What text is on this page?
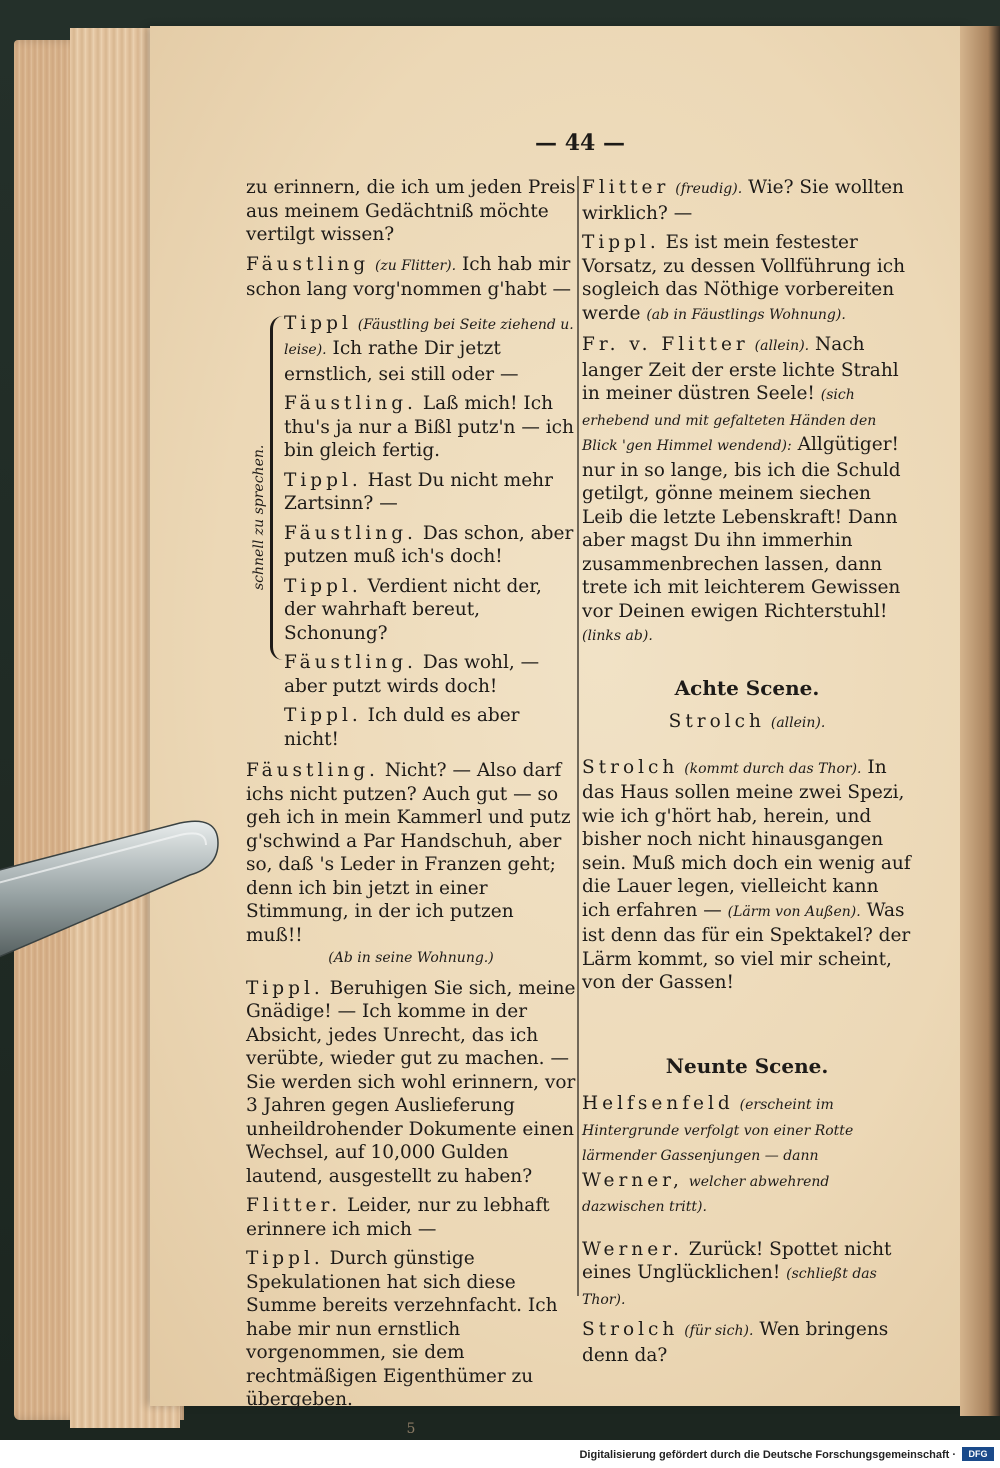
— 44 —

zu erinnern, die ich um jeden Preis aus meinem Gedächtniß möchte vertilgt wissen?

Fäustling (zu Flitter). Ich hab mir schon lang vorg'nommen g'habt —

schnell zu sprechen.

Tippl (Fäustling bei Seite ziehend u. leise). Ich rathe Dir jetzt ernstlich, sei still oder —

Fäustling. Laß mich! Ich thu's ja nur a Bißl putz'n — ich bin gleich fertig.

Tippl. Hast Du nicht mehr Zartsinn? —

Fäustling. Das schon, aber putzen muß ich's doch!

Tippl. Verdient nicht der, der wahrhaft bereut, Schonung?

Fäustling. Das wohl, — aber putzt wirds doch!

Tippl. Ich duld es aber nicht!

Fäustling. Nicht? — Also darf ichs nicht putzen? Auch gut — so geh ich in mein Kammerl und putz g'schwind a Par Handschuh, aber so, daß 's Leder in Franzen geht; denn ich bin jetzt in einer Stimmung, in der ich putzen muß!!
(Ab in seine Wohnung.)

Tippl. Beruhigen Sie sich, meine Gnädige! — Ich komme in der Absicht, jedes Unrecht, das ich verübte, wieder gut zu machen. — Sie werden sich wohl erinnern, vor 3 Jahren gegen Auslieferung unheildrohender Dokumente einen Wechsel, auf 10,000 Gulden lautend, ausgestellt zu haben?

Flitter. Leider, nur zu lebhaft erinnere ich mich —

Tippl. Durch günstige Spekulationen hat sich diese Summe bereits verzehnfacht. Ich habe mir nun ernstlich vorgenommen, sie dem rechtmäßigen Eigenthümer zu übergeben.

5

Flitter (freudig). Wie? Sie wollten wirklich? —

Tippl. Es ist mein festester Vorsatz, zu dessen Vollführung ich sogleich das Nöthige vorbereiten werde (ab in Fäustlings Wohnung).

Fr. v. Flitter (allein). Nach langer Zeit der erste lichte Strahl in meiner düstren Seele! (sich erhebend und mit gefalteten Händen den Blick 'gen Himmel wendend): Allgütiger! nur in so lange, bis ich die Schuld getilgt, gönne meinem siechen Leib die letzte Lebenskraft! Dann aber magst Du ihn immerhin zusammenbrechen lassen, dann trete ich mit leichterem Gewissen vor Deinen ewigen Richterstuhl! (links ab).

Achte Scene.
Strolch (allein).

Strolch (kommt durch das Thor). In das Haus sollen meine zwei Spezi, wie ich g'hört hab, herein, und bisher noch nicht hinausgangen sein. Muß mich doch ein wenig auf die Lauer legen, vielleicht kann ich erfahren — (Lärm von Außen). Was ist denn das für ein Spektakel? der Lärm kommt, so viel mir scheint, von der Gassen!

Neunte Scene.

Helfsenfeld (erscheint im Hintergrunde verfolgt von einer Rotte lärmender Gassenjungen — dann Werner, welcher abwehrend dazwischen tritt).

Werner. Zurück! Spottet nicht eines Unglücklichen! (schließt das Thor).

Strolch (für sich). Wen bringens denn da?

Digitalisierung gefördert durch die Deutsche Forschungsgemeinschaft ·	DFG
